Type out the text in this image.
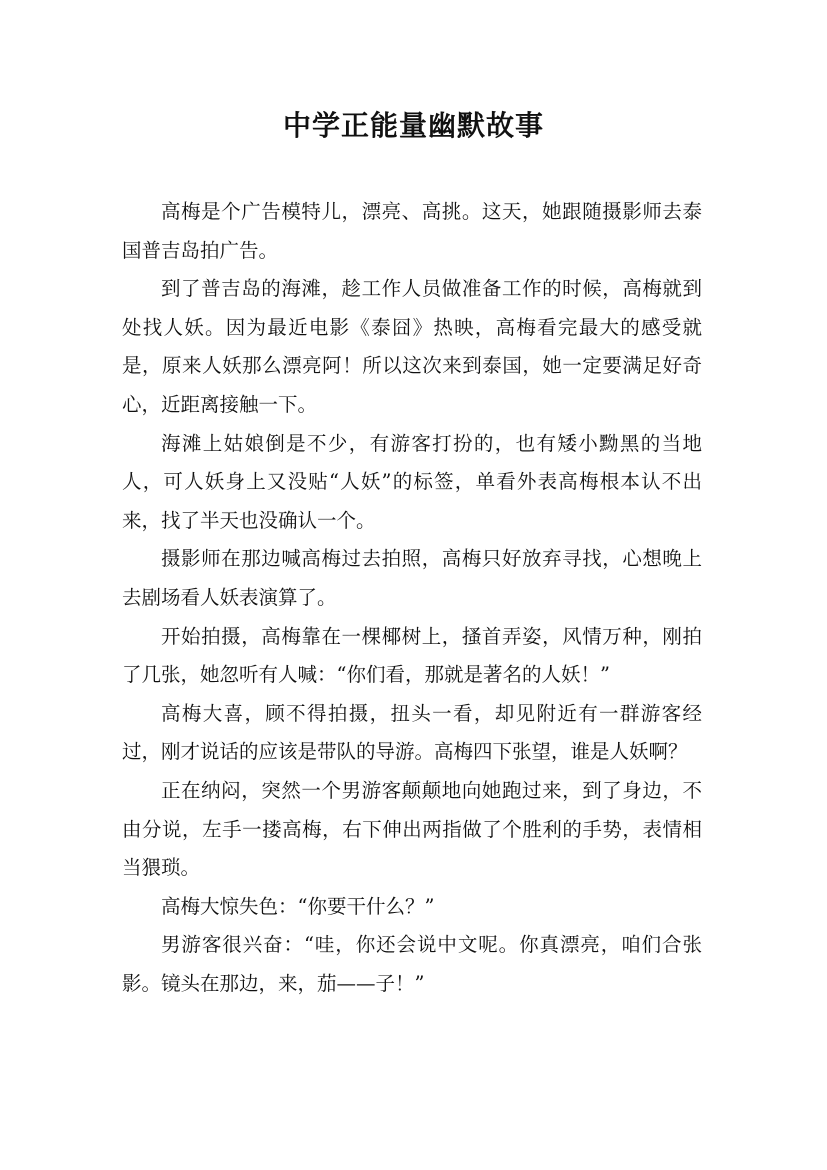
中学正能量幽默故事

高梅是个广告模特儿，漂亮、高挑。这天，她跟随摄影师去泰国普吉岛拍广告。

到了普吉岛的海滩，趁工作人员做准备工作的时候，高梅就到处找人妖。因为最近电影《泰囧》热映，高梅看完最大的感受就是，原来人妖那么漂亮阿！所以这次来到泰国，她一定要满足好奇心，近距离接触一下。

海滩上姑娘倒是不少，有游客打扮的，也有矮小黝黑的当地人，可人妖身上又没贴“人妖”的标签，单看外表高梅根本认不出来，找了半天也没确认一个。

摄影师在那边喊高梅过去拍照，高梅只好放弃寻找，心想晚上去剧场看人妖表演算了。

开始拍摄，高梅靠在一棵椰树上，搔首弄姿，风情万种，刚拍了几张，她忽听有人喊：“你们看，那就是著名的人妖！”

高梅大喜，顾不得拍摄，扭头一看，却见附近有一群游客经过，刚才说话的应该是带队的导游。高梅四下张望，谁是人妖啊？

正在纳闷，突然一个男游客颠颠地向她跑过来，到了身边，不由分说，左手一搂高梅，右下伸出两指做了个胜利的手势，表情相当猥琐。

高梅大惊失色：“你要干什么？”

男游客很兴奋：“哇，你还会说中文呢。你真漂亮，咱们合张影。镜头在那边，来，茄——子！”
